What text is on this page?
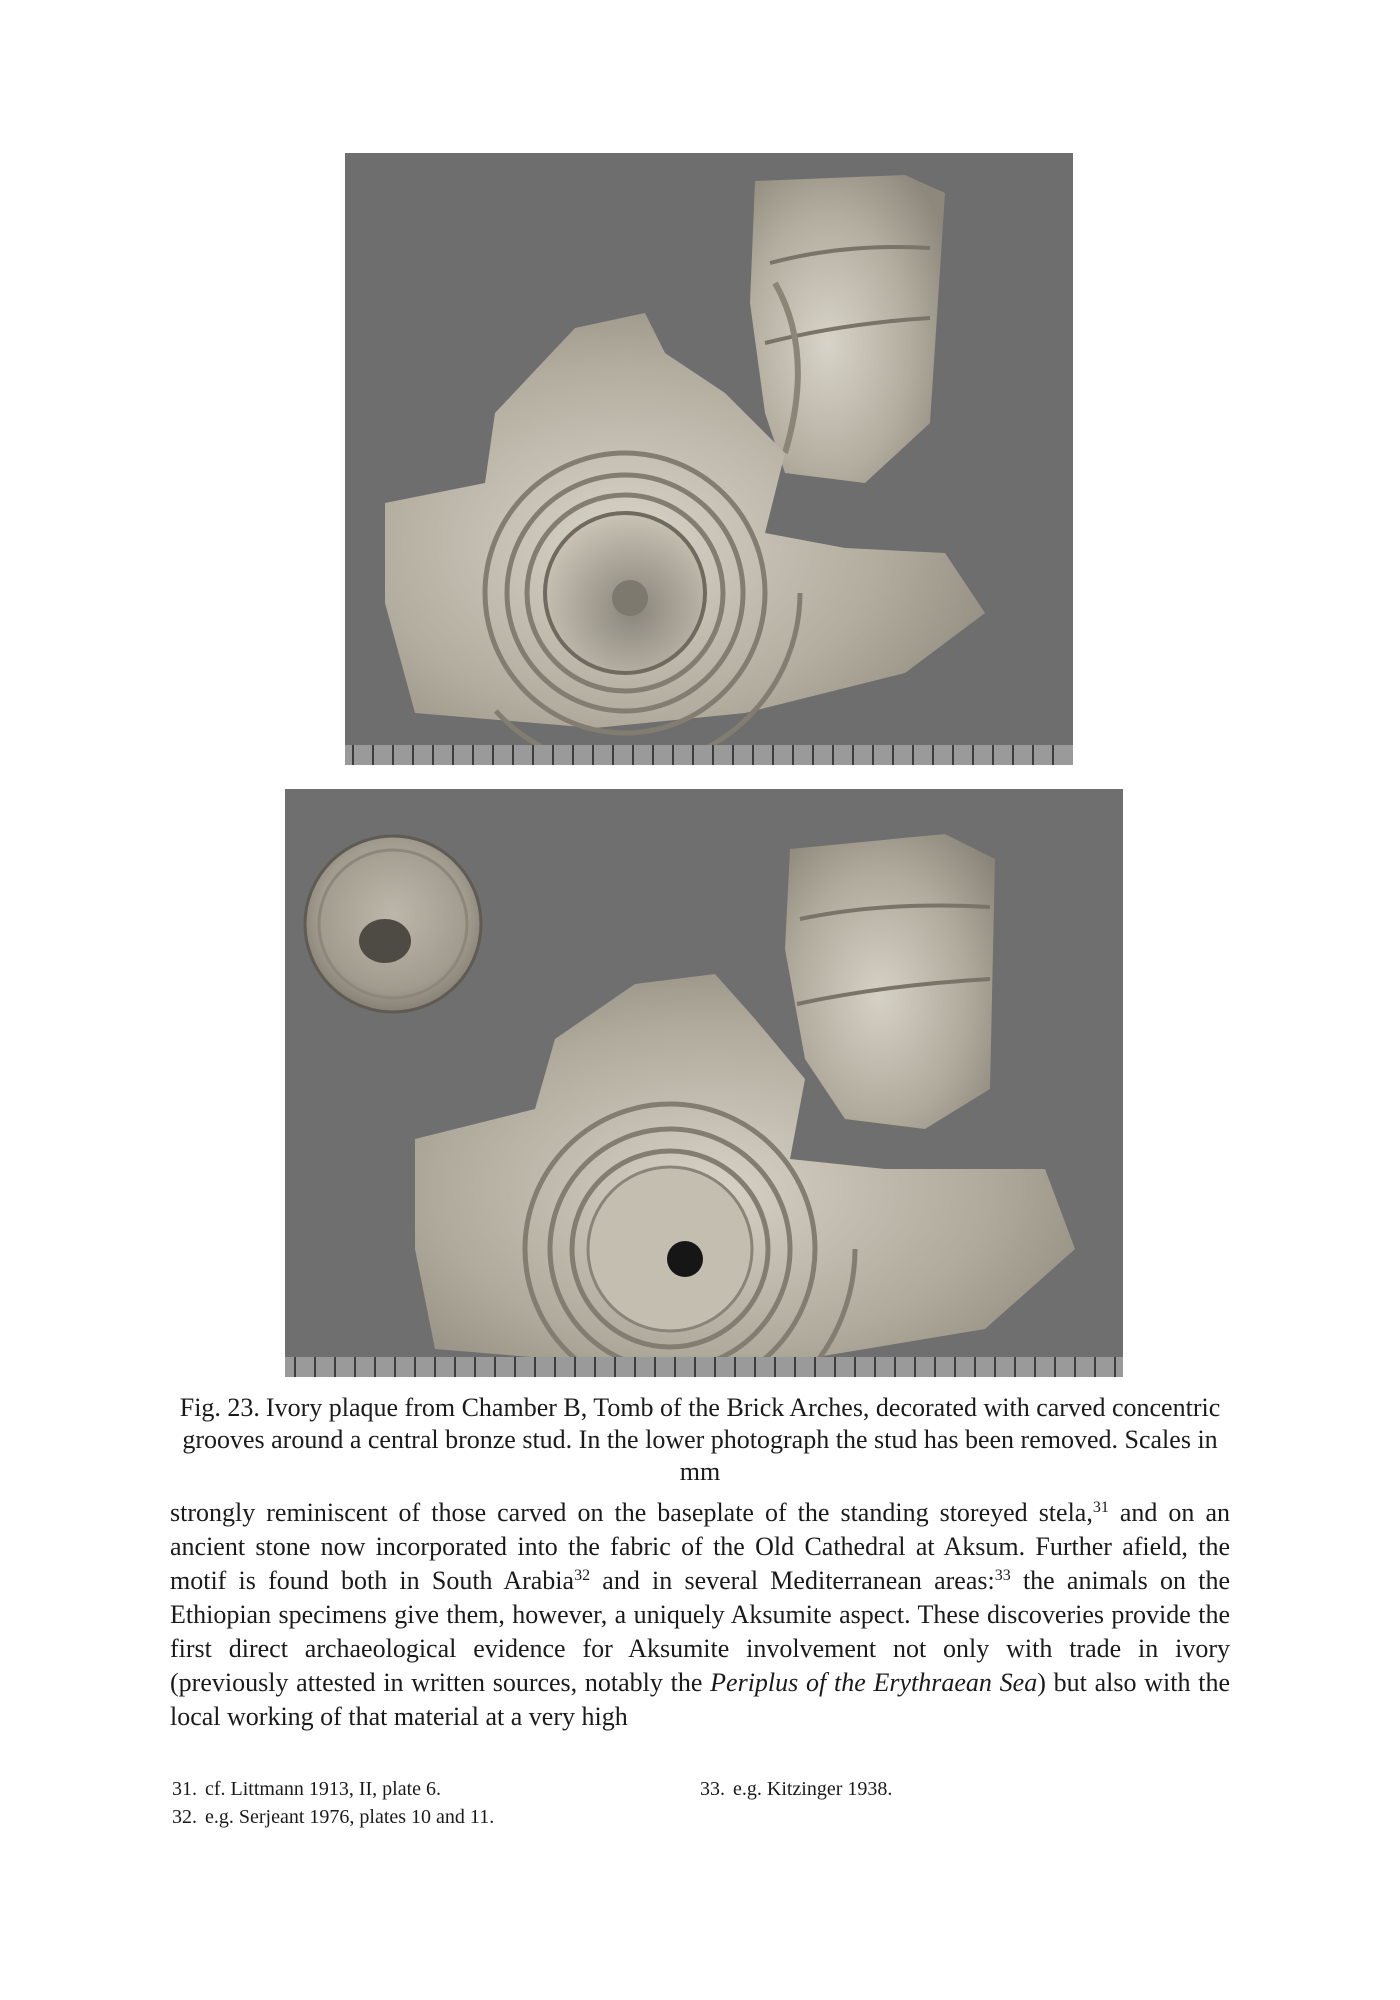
Fig. 23. Ivory plaque from Chamber B, Tomb of the Brick Arches, decorated with carved concentric grooves around a central bronze stud. In the lower photograph the stud has been removed. Scales in mm

strongly reminiscent of those carved on the baseplate of the standing storeyed stela,$^{31}$ and on an ancient stone now incorporated into the fabric of the Old Cathedral at Aksum. Further afield, the motif is found both in South Arabia$^{32}$ and in several Mediterranean areas:$^{33}$ the animals on the Ethiopian specimens give them, however, a uniquely Aksumite aspect. These discoveries provide the first direct archaeological evidence for Aksumite involvement not only with trade in ivory (previously attested in written sources, notably the Periplus of the Erythraean Sea) but also with the local working of that material at a very high

31. cf. Littmann 1913, II, plate 6.
32. e.g. Serjeant 1976, plates 10 and 11.
33. e.g. Kitzinger 1938.
